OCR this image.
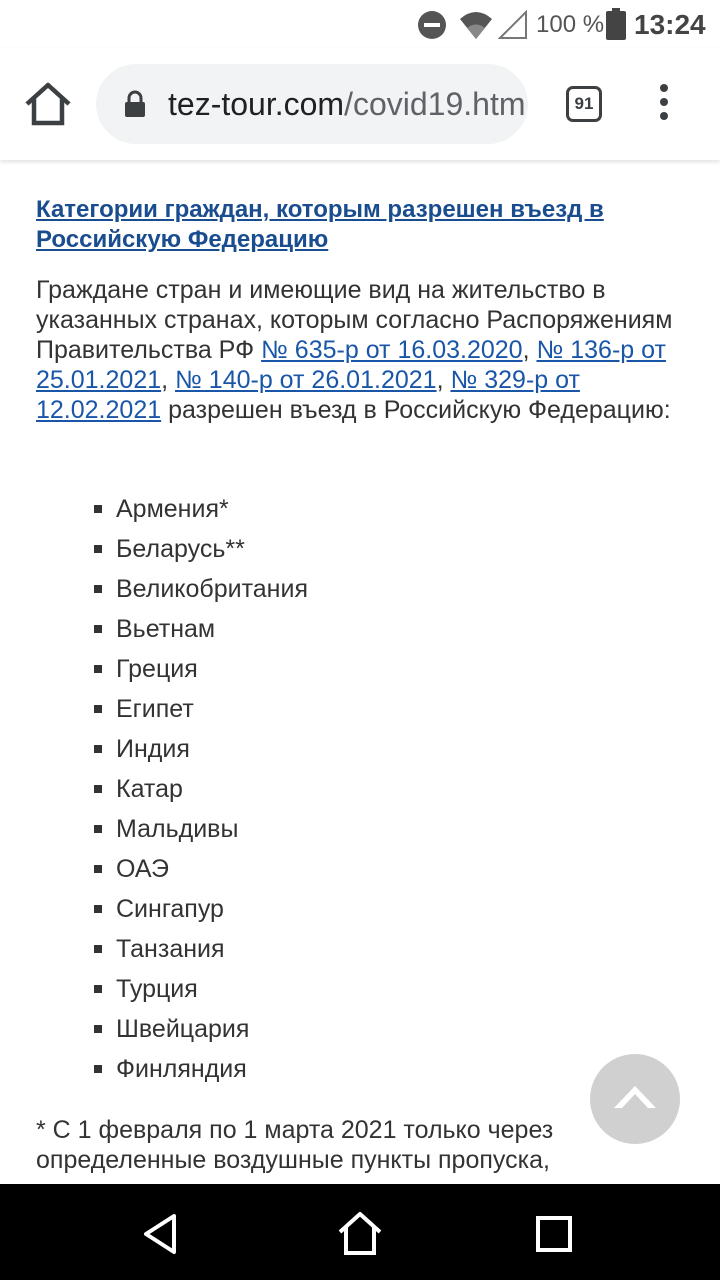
100 % 13:24
tez-tour.com/covid19.htm	91
Категории граждан, которым разрешен въезд в Российскую Федерацию

Граждане стран и имеющие вид на жительство в указанных странах, которым согласно Распоряжениям Правительства РФ № 635-р от 16.03.2020, № 136-р от 25.01.2021, № 140-р от 26.01.2021, № 329-р от 12.02.2021 разрешен въезд в Российскую Федерацию:

Армения*
Беларусь**
Великобритания
Вьетнам
Греция
Египет
Индия
Катар
Мальдивы
ОАЭ
Сингапур
Танзания
Турция
Швейцария
Финляндия

* С 1 февраля по 1 марта 2021 только через определенные воздушные пункты пропуска,
